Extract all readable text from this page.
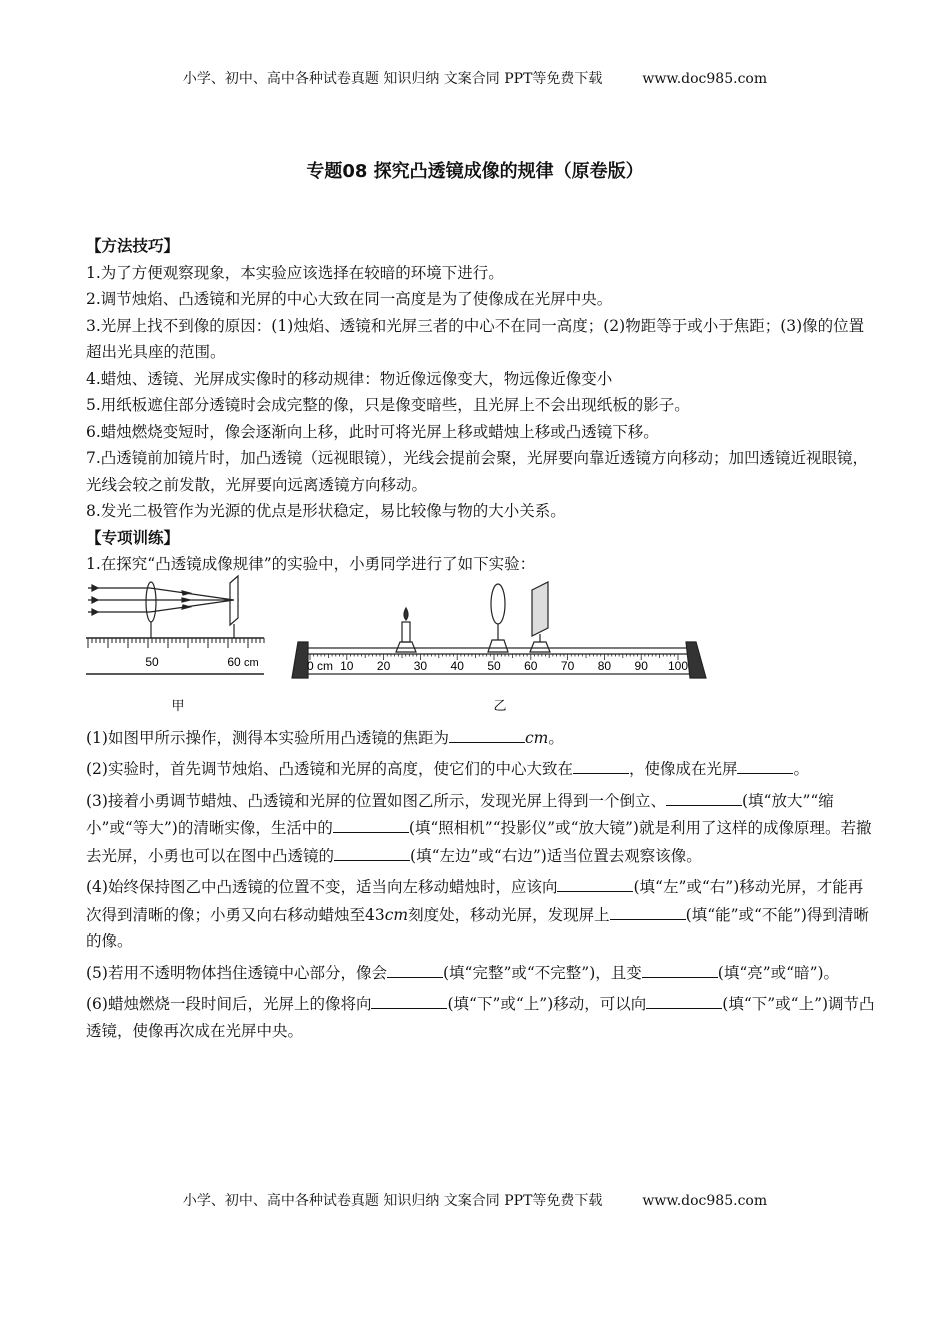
小学、初中、高中各种试卷真题 知识归纳 文案合同 PPT等免费下载	www.doc985.com
专题08 探究凸透镜成像的规律（原卷版）

【方法技巧】

1.为了方便观察现象，本实验应该选择在较暗的环境下进行。

2.调节烛焰、凸透镜和光屏的中心大致在同一高度是为了使像成在光屏中央。

3.光屏上找不到像的原因：(1)烛焰、透镜和光屏三者的中心不在同一高度；(2)物距等于或小于焦距；(3)像的位置超出光具座的范围。

4.蜡烛、透镜、光屏成实像时的移动规律：物近像远像变大，物远像近像变小

5.用纸板遮住部分透镜时会成完整的像，只是像变暗些，且光屏上不会出现纸板的影子。

6.蜡烛燃烧变短时，像会逐渐向上移，此时可将光屏上移或蜡烛上移或凸透镜下移。

7.凸透镜前加镜片时，加凸透镜（远视眼镜），光线会提前会聚，光屏要向靠近透镜方向移动；加凹透镜近视眼镜，光线会较之前发散，光屏要向远离透镜方向移动。

8.发光二极管作为光源的优点是形状稳定，易比较像与物的大小关系。

【专项训练】

1.在探究“凸透镜成像规律”的实验中，小勇同学进行了如下实验：

50	60 cm
甲
0 cm 10 20 30 40 50 60 70 80 90 100
乙

(1)如图甲所示操作，测得本实验所用凸透镜的焦距为	cm。

(2)实验时，首先调节烛焰、凸透镜和光屏的高度，使它们的中心大致在	，使像成在光屏	。

(3)接着小勇调节蜡烛、凸透镜和光屏的位置如图乙所示，发现光屏上得到一个倒立、	(填“放大”“缩小”或“等大”)的清晰实像，生活中的	(填“照相机”“投影仪”或“放大镜”)就是利用了这样的成像原理。若撤去光屏，小勇也可以在图中凸透镜的	(填“左边”或“右边”)适当位置去观察该像。

(4)始终保持图乙中凸透镜的位置不变，适当向左移动蜡烛时，应该向	(填“左”或“右”)移动光屏，才能再次得到清晰的像；小勇又向右移动蜡烛至43cm刻度处，移动光屏，发现屏上	(填“能”或“不能”)得到清晰的像。

(5)若用不透明物体挡住透镜中心部分，像会	(填“完整”或“不完整”)，且变	(填“亮”或“暗”)。

(6)蜡烛燃烧一段时间后，光屏上的像将向	(填“下”或“上”)移动，可以向	(填“下”或“上”)调节凸透镜，使像再次成在光屏中央。

小学、初中、高中各种试卷真题 知识归纳 文案合同 PPT等免费下载	www.doc985.com
